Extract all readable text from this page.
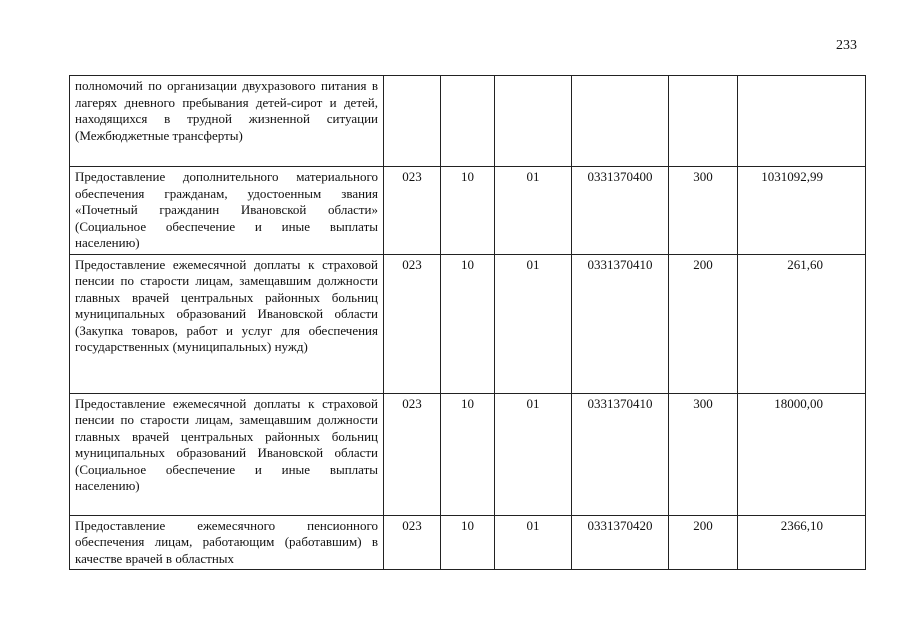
233
полномочий по организации двухразового питания в лагерях дневного пребывания детей-сирот и детей, находящихся в трудной жизненной ситуации (Межбюджетные трансферты)						
Предоставление дополнительного материального обеспечения гражданам, удостоенным звания «Почетный гражданин Ивановской области» (Социальное обеспечение и иные выплаты населению)	023	10	01	0331370400	300	1031092,99
Предоставление ежемесячной доплаты к страховой пенсии по старости лицам, замещавшим должности главных врачей центральных районных больниц муниципальных образований Ивановской области (Закупка товаров, работ и услуг для обеспечения государственных (муниципальных) нужд)	023	10	01	0331370410	200	261,60
Предоставление ежемесячной доплаты к страховой пенсии по старости лицам, замещавшим должности главных врачей центральных районных больниц муниципальных образований Ивановской области (Социальное обеспечение и иные выплаты населению)	023	10	01	0331370410	300	18000,00
Предоставление ежемесячного пенсионного обеспечения лицам, работающим (работавшим) в качестве врачей в областных	023	10	01	0331370420	200	2366,10
